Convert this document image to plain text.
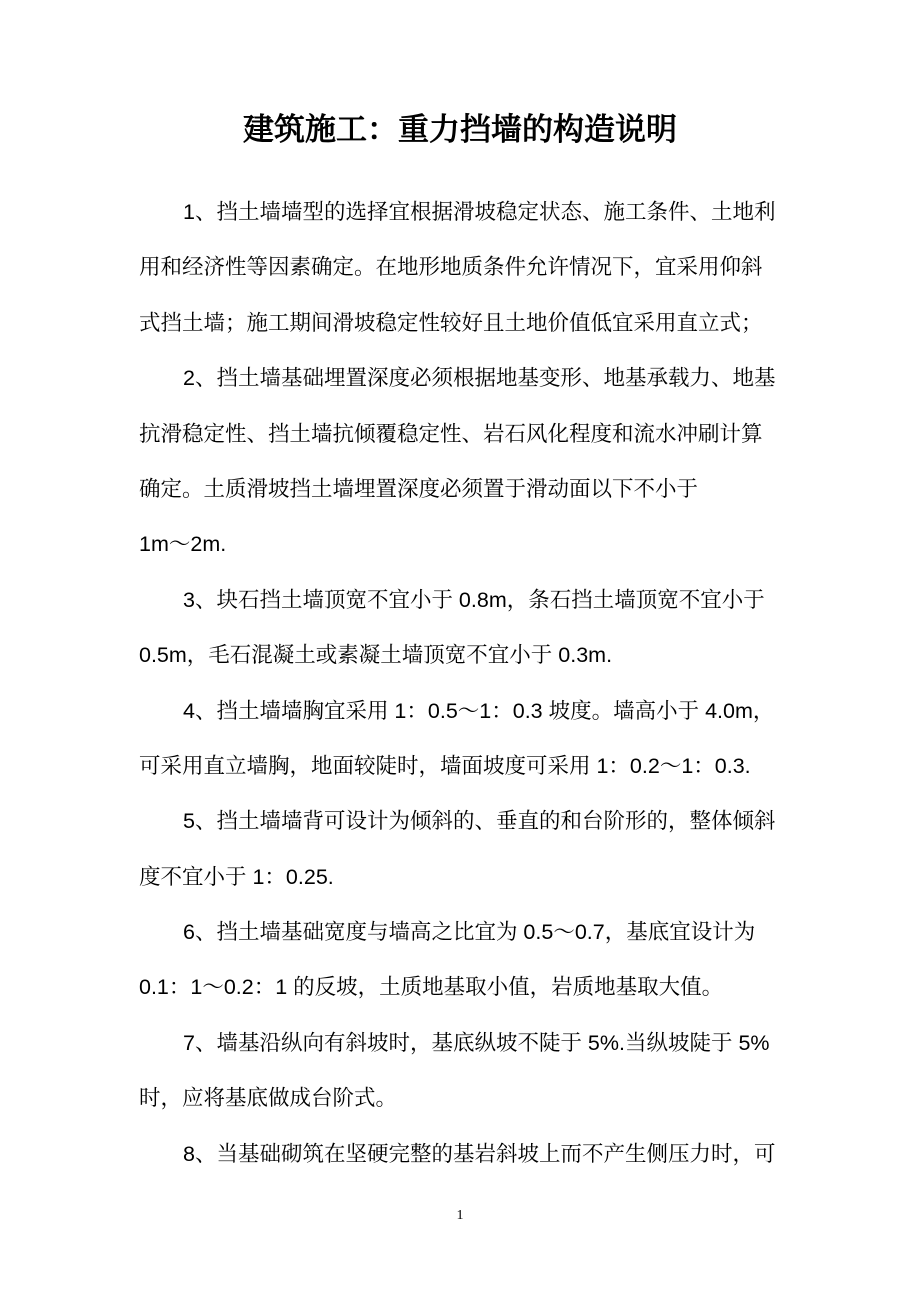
建筑施工：重力挡墙的构造说明
1、挡土墙墙型的选择宜根据滑坡稳定状态、施工条件、土地利
用和经济性等因素确定。在地形地质条件允许情况下，宜采用仰斜
式挡土墙；施工期间滑坡稳定性较好且土地价值低宜采用直立式；
2、挡土墙基础埋置深度必须根据地基变形、地基承载力、地基
抗滑稳定性、挡土墙抗倾覆稳定性、岩石风化程度和流水冲刷计算
确定。土质滑坡挡土墙埋置深度必须置于滑动面以下不小于
1m～2m.
3、块石挡土墙顶宽不宜小于 0.8m，条石挡土墙顶宽不宜小于
0.5m，毛石混凝土或素凝土墙顶宽不宜小于 0.3m.
4、挡土墙墙胸宜采用 1：0.5～1：0.3 坡度。墙高小于 4.0m，
可采用直立墙胸，地面较陡时，墙面坡度可采用 1：0.2～1：0.3.
5、挡土墙墙背可设计为倾斜的、垂直的和台阶形的，整体倾斜
度不宜小于 1：0.25.
6、挡土墙基础宽度与墙高之比宜为 0.5～0.7，基底宜设计为
0.1：1～0.2：1 的反坡，土质地基取小值，岩质地基取大值。
7、墙基沿纵向有斜坡时，基底纵坡不陡于 5%.当纵坡陡于 5%
时，应将基底做成台阶式。
8、当基础砌筑在坚硬完整的基岩斜坡上而不产生侧压力时，可
1
